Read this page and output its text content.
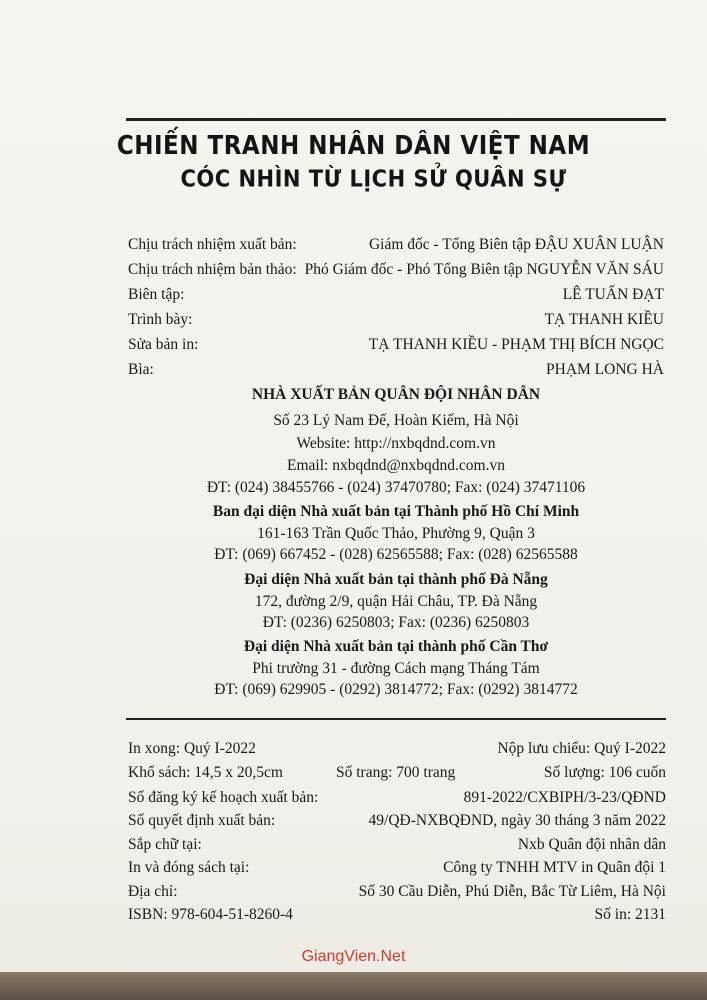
CHIẾN TRANH NHÂN DÂN VIỆT NAM
CÓC NHÌN TỪ LỊCH SỬ QUÂN SỰ
Chịu trách nhiệm xuất bản:	Giám đốc - Tổng Biên tập ĐẬU XUÂN LUẬN
Chịu trách nhiệm bản thảo: Phó Giám đốc - Phó Tổng Biên tập NGUYỄN VĂN SÁU
Biên tập:	LÊ TUẤN ĐẠT
Trình bày:	TẠ THANH KIỀU
Sửa bản in:	TẠ THANH KIỀU - PHẠM THỊ BÍCH NGỌC
Bìa:	PHẠM LONG HÀ
NHÀ XUẤT BẢN QUÂN ĐỘI NHÂN DÂN
Số 23 Lý Nam Đế, Hoàn Kiếm, Hà Nội
Website: http://nxbqdnd.com.vn
Email: nxbqdnd@nxbqdnd.com.vn
ĐT: (024) 38455766 - (024) 37470780; Fax: (024) 37471106
Ban đại diện Nhà xuất bản tại Thành phố Hồ Chí Minh
161-163 Trần Quốc Thảo, Phường 9, Quận 3
ĐT: (069) 667452 - (028) 62565588; Fax: (028) 62565588
Đại diện Nhà xuất bản tại thành phố Đà Nẵng
172, đường 2/9, quận Hải Châu, TP. Đà Nẵng
ĐT: (0236) 6250803; Fax: (0236) 6250803
Đại diện Nhà xuất bản tại thành phố Cần Thơ
Phi trường 31 - đường Cách mạng Tháng Tám
ĐT: (069) 629905 - (0292) 3814772; Fax: (0292) 3814772
In xong: Quý I-2022	Nộp lưu chiểu: Quý I-2022
Khổ sách: 14,5 x 20,5cm	Số trang: 700 trang	Số lượng: 106 cuốn
Số đăng ký kế hoạch xuất bản:	891-2022/CXBIPH/3-23/QĐND
Số quyết định xuất bản:	49/QĐ-NXBQĐND, ngày 30 tháng 3 năm 2022
Sắp chữ tại:	Nxb Quân đội nhân dân
In và đóng sách tại:	Công ty TNHH MTV in Quân đội 1
Địa chỉ:	Số 30 Cầu Diễn, Phú Diễn, Bắc Từ Liêm, Hà Nội
ISBN: 978-604-51-8260-4	Số in: 2131
GiangVien.Net
